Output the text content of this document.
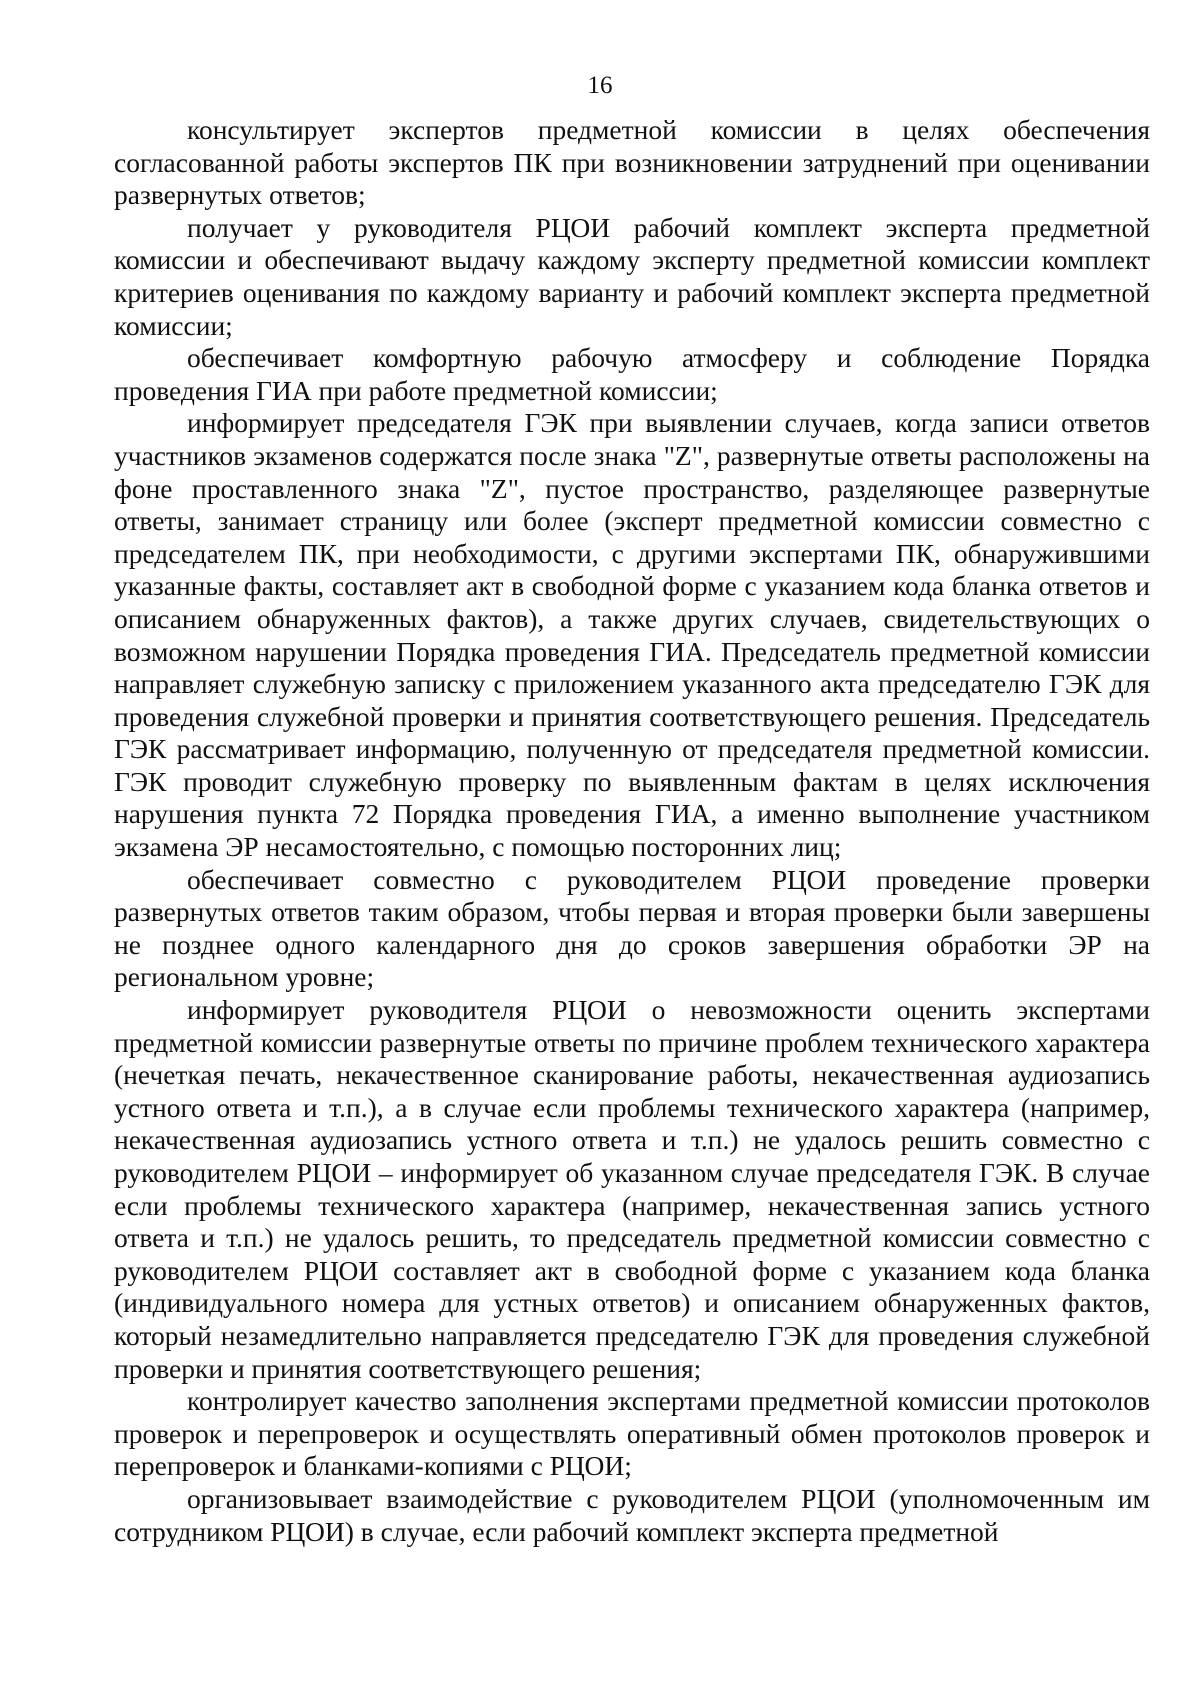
16

консультирует экспертов предметной комиссии в целях обеспечения согласованной работы экспертов ПК при возникновении затруднений при оценивании развернутых ответов;

получает у руководителя РЦОИ рабочий комплект эксперта предметной комиссии и обеспечивают выдачу каждому эксперту предметной комиссии комплект критериев оценивания по каждому варианту и рабочий комплект эксперта предметной комиссии;

обеспечивает комфортную рабочую атмосферу и соблюдение Порядка проведения ГИА при работе предметной комиссии;

информирует председателя ГЭК при выявлении случаев, когда записи ответов участников экзаменов содержатся после знака "Z", развернутые ответы расположены на фоне проставленного знака "Z", пустое пространство, разделяющее развернутые ответы, занимает страницу или более (эксперт предметной комиссии совместно с председателем ПК, при необходимости, с другими экспертами ПК, обнаружившими указанные факты, составляет акт в свободной форме с указанием кода бланка ответов и описанием обнаруженных фактов), а также других случаев, свидетельствующих о возможном нарушении Порядка проведения ГИА. Председатель предметной комиссии направляет служебную записку с приложением указанного акта председателю ГЭК для проведения служебной проверки и принятия соответствующего решения. Председатель ГЭК рассматривает информацию, полученную от председателя предметной комиссии. ГЭК проводит служебную проверку по выявленным фактам в целях исключения нарушения пункта 72 Порядка проведения ГИА, а именно выполнение участником экзамена ЭР несамостоятельно, с помощью посторонних лиц;

обеспечивает совместно с руководителем РЦОИ проведение проверки развернутых ответов таким образом, чтобы первая и вторая проверки были завершены не позднее одного календарного дня до сроков завершения обработки ЭР на региональном уровне;

информирует руководителя РЦОИ о невозможности оценить экспертами предметной комиссии развернутые ответы по причине проблем технического характера (нечеткая печать, некачественное сканирование работы, некачественная аудиозапись устного ответа и т.п.), а в случае если проблемы технического характера (например, некачественная аудиозапись устного ответа и т.п.) не удалось решить совместно с руководителем РЦОИ – информирует об указанном случае председателя ГЭК. В случае если проблемы технического характера (например, некачественная запись устного ответа и т.п.) не удалось решить, то председатель предметной комиссии совместно с руководителем РЦОИ составляет акт в свободной форме с указанием кода бланка (индивидуального номера для устных ответов) и описанием обнаруженных фактов, который незамедлительно направляется председателю ГЭК для проведения служебной проверки и принятия соответствующего решения;

контролирует качество заполнения экспертами предметной комиссии протоколов проверок и перепроверок и осуществлять оперативный обмен протоколов проверок и перепроверок и бланками-копиями с РЦОИ;

организовывает взаимодействие с руководителем РЦОИ (уполномоченным им сотрудником РЦОИ) в случае, если рабочий комплект эксперта предметной
